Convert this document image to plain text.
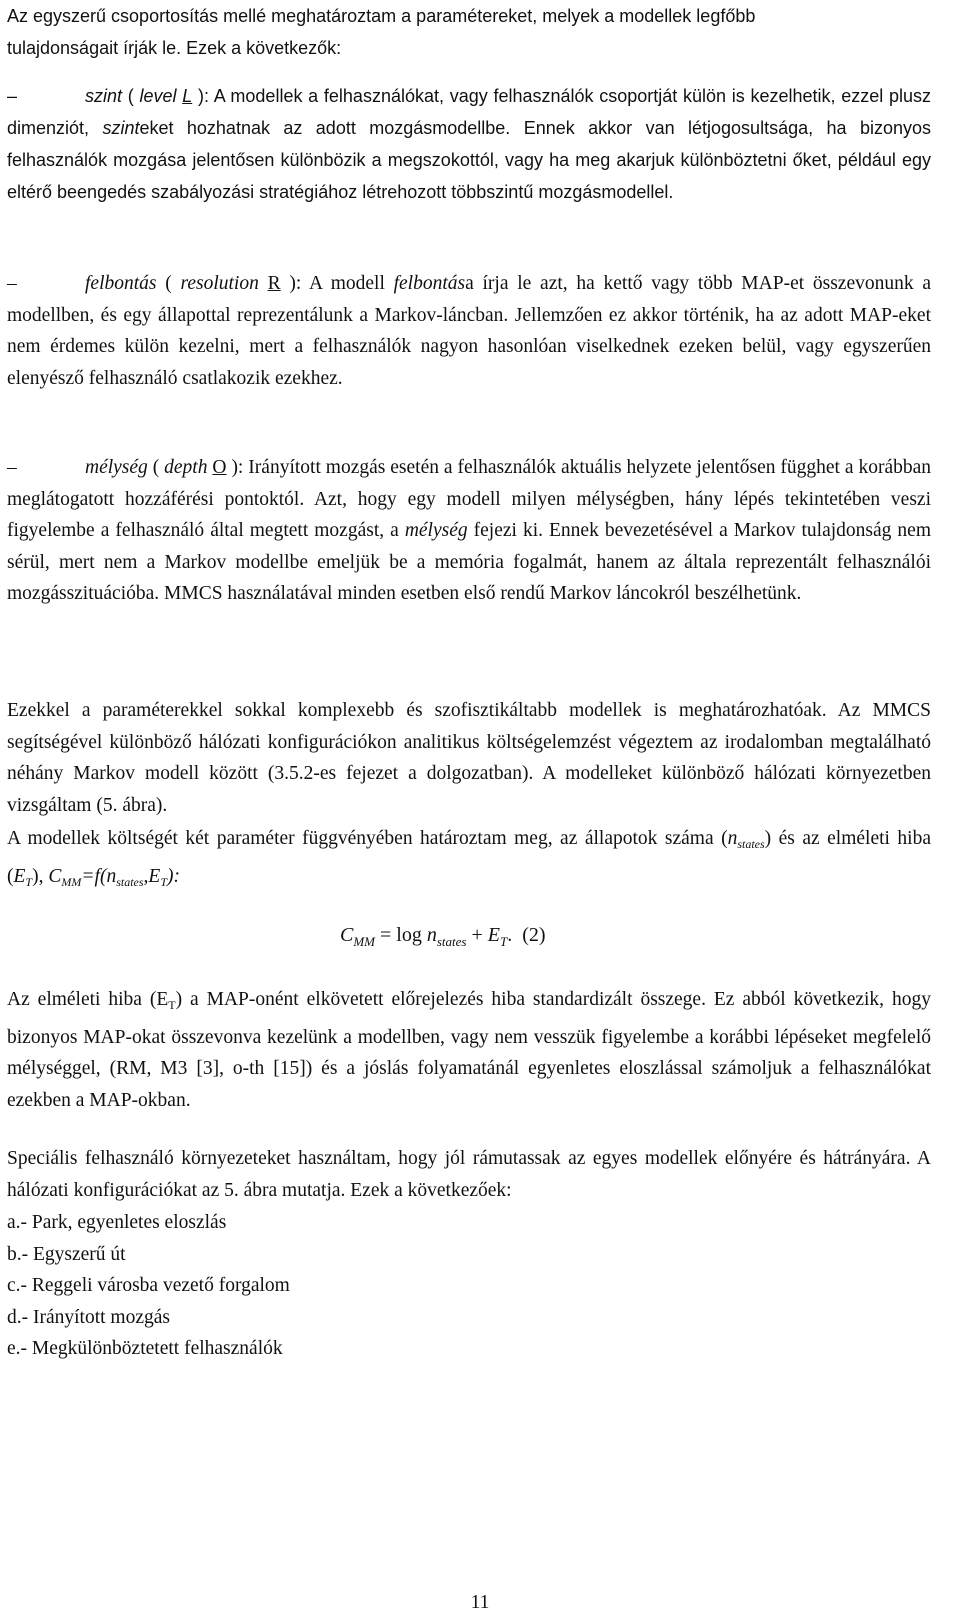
Az egyszerű csoportosítás mellé meghatároztam a paramétereket, melyek a modellek legfőbb
tulajdonságait írják le. Ezek a következők:
–	szint ( level L ): A modellek a felhasználókat, vagy felhasználók csoportját külön is kezelhetik, ezzel plusz dimenziót, szinteket hozhatnak az adott mozgásmodellbe. Ennek akkor van létjogosultsága, ha bizonyos felhasználók mozgása jelentősen különbözik a megszokottól, vagy ha meg akarjuk különböztetni őket, például egy eltérő beengedés szabályozási stratégiához létrehozott többszintű mozgásmodellel.
–	felbontás ( resolution R ): A modell felbontása írja le azt, ha kettő vagy több MAP-et összevonunk a modellben, és egy állapottal reprezentálunk a Markov-láncban. Jellemzően ez akkor történik, ha az adott MAP-eket nem érdemes külön kezelni, mert a felhasználók nagyon hasonlóan viselkednek ezeken belül, vagy egyszerűen elenyésző felhasználó csatlakozik ezekhez.
–	mélység ( depth O ): Irányított mozgás esetén a felhasználók aktuális helyzete jelentősen függhet a korábban meglátogatott hozzáférési pontoktól. Azt, hogy egy modell milyen mélységben, hány lépés tekintetében veszi figyelembe a felhasználó által megtett mozgást, a mélység fejezi ki. Ennek bevezetésével a Markov tulajdonság nem sérül, mert nem a Markov modellbe emeljük be a memória fogalmát, hanem az általa reprezentált felhasználói mozgásszituációba. MMCS használatával minden esetben első rendű Markov láncokról beszélhetünk.

Ezekkel a paraméterekkel sokkal komplexebb és szofisztikáltabb modellek is meghatározhatóak. Az MMCS segítségével különböző hálózati konfigurációkon analitikus költségelemzést végeztem az irodalomban megtalálható néhány Markov modell között (3.5.2-es fejezet a dolgozatban). A modelleket különböző hálózati környezetben vizsgáltam (5. ábra).

A modellek költségét két paraméter függvényében határoztam meg, az állapotok száma $(n_{states})$ és az elméleti hiba $(E_T)$, $C_{MM}=f(n_{states},E_T)$:

$C_{MM} = \log n_{states} + E_T$. (2)

Az elméleti hiba $(E_T)$ a MAP-onént elkövetett előrejelezés hiba standardizált összege. Ez abból következik, hogy bizonyos MAP-okat összevonva kezelünk a modellben, vagy nem vesszük figyelembe a korábbi lépéseket megfelelő mélységgel, (RM, M3 [3], o-th [15]) és a jóslás folyamatánál egyenletes eloszlással számoljuk a felhasználókat ezekben a MAP-okban.

Speciális felhasználó környezeteket használtam, hogy jól rámutassak az egyes modellek előnyére és hátrányára. A hálózati konfigurációkat az 5. ábra mutatja. Ezek a következőek:

a.- Park, egyenletes eloszlás
b.- Egyszerű út
c.- Reggeli városba vezető forgalom
d.- Irányított mozgás
e.- Megkülönböztetett felhasználók
11
